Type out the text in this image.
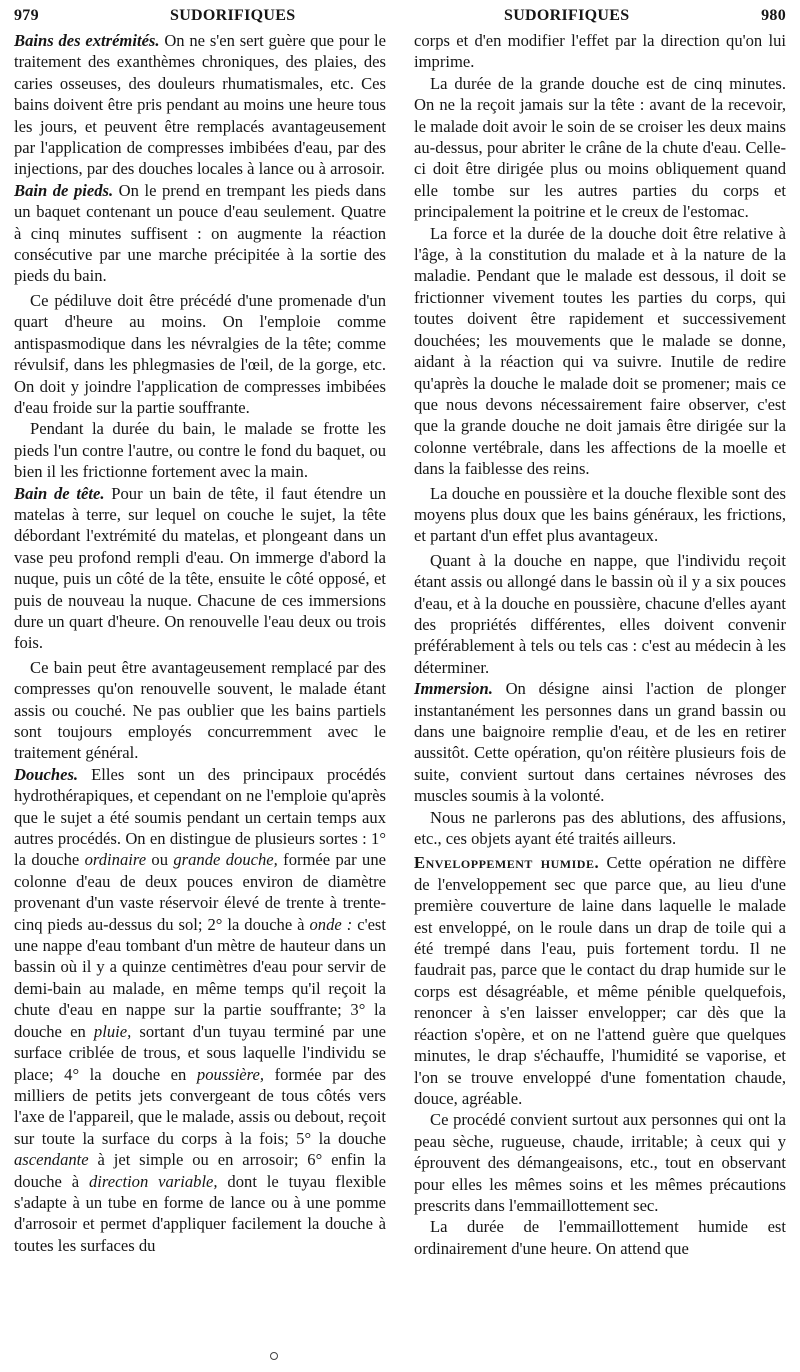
979	SUDORIFIQUES	SUDORIFIQUES	980

Bains des extrémités. On ne s'en sert guère que pour le traitement des exanthèmes chroniques, des plaies, des caries osseuses, des douleurs rhumatismales, etc. Ces bains doivent être pris pendant au moins une heure tous les jours, et peuvent être remplacés avantageusement par l'application de compresses imbibées d'eau, par des injections, par des douches locales à lance ou à arrosoir.

Bain de pieds. On le prend en trempant les pieds dans un baquet contenant un pouce d'eau seulement. Quatre à cinq minutes suffisent : on augmente la réaction consécutive par une marche précipitée à la sortie des pieds du bain.

Ce pédiluve doit être précédé d'une promenade d'un quart d'heure au moins. On l'emploie comme antispasmodique dans les névralgies de la tête; comme révulsif, dans les phlegmasies de l'œil, de la gorge, etc. On doit y joindre l'application de compresses imbibées d'eau froide sur la partie souffrante.

Pendant la durée du bain, le malade se frotte les pieds l'un contre l'autre, ou contre le fond du baquet, ou bien il les frictionne fortement avec la main.

Bain de tête. Pour un bain de tête, il faut étendre un matelas à terre, sur lequel on couche le sujet, la tête débordant l'extrémité du matelas, et plongeant dans un vase peu profond rempli d'eau. On immerge d'abord la nuque, puis un côté de la tête, ensuite le côté opposé, et puis de nouveau la nuque. Chacune de ces immersions dure un quart d'heure. On renouvelle l'eau deux ou trois fois.

Ce bain peut être avantageusement remplacé par des compresses qu'on renouvelle souvent, le malade étant assis ou couché. Ne pas oublier que les bains partiels sont toujours employés concurremment avec le traitement général.

Douches. Elles sont un des principaux procédés hydrothérapiques, et cependant on ne l'emploie qu'après que le sujet a été soumis pendant un certain temps aux autres procédés. On en distingue de plusieurs sortes : 1° la douche ordinaire ou grande douche, formée par une colonne d'eau de deux pouces environ de diamètre provenant d'un vaste réservoir élevé de trente à trente-cinq pieds au-dessus du sol; 2° la douche à onde : c'est une nappe d'eau tombant d'un mètre de hauteur dans un bassin où il y a quinze centimètres d'eau pour servir de demi-bain au malade, en même temps qu'il reçoit la chute d'eau en nappe sur la partie souffrante; 3° la douche en pluie, sortant d'un tuyau terminé par une surface criblée de trous, et sous laquelle l'individu se place; 4° la douche en poussière, formée par des milliers de petits jets convergeant de tous côtés vers l'axe de l'appareil, que le malade, assis ou debout, reçoit sur toute la surface du corps à la fois; 5° la douche ascendante à jet simple ou en arrosoir; 6° enfin la douche à direction variable, dont le tuyau flexible s'adapte à un tube en forme de lance ou à une pomme d'arrosoir et permet d'appliquer facilement la douche à toutes les surfaces du

corps et d'en modifier l'effet par la direction qu'on lui imprime.

La durée de la grande douche est de cinq minutes. On ne la reçoit jamais sur la tête : avant de la recevoir, le malade doit avoir le soin de se croiser les deux mains au-dessus, pour abriter le crâne de la chute d'eau. Celle-ci doit être dirigée plus ou moins obliquement quand elle tombe sur les autres parties du corps et principalement la poitrine et le creux de l'estomac.

La force et la durée de la douche doit être relative à l'âge, à la constitution du malade et à la nature de la maladie. Pendant que le malade est dessous, il doit se frictionner vivement toutes les parties du corps, qui toutes doivent être rapidement et successivement douchées; les mouvements que le malade se donne, aidant à la réaction qui va suivre. Inutile de redire qu'après la douche le malade doit se promener; mais ce que nous devons nécessairement faire observer, c'est que la grande douche ne doit jamais être dirigée sur la colonne vertébrale, dans les affections de la moelle et dans la faiblesse des reins.

La douche en poussière et la douche flexible sont des moyens plus doux que les bains généraux, les frictions, et partant d'un effet plus avantageux.

Quant à la douche en nappe, que l'individu reçoit étant assis ou allongé dans le bassin où il y a six pouces d'eau, et à la douche en poussière, chacune d'elles ayant des propriétés différentes, elles doivent convenir préférablement à tels ou tels cas : c'est au médecin à les déterminer.

Immersion. On désigne ainsi l'action de plonger instantanément les personnes dans un grand bassin ou dans une baignoire remplie d'eau, et de les en retirer aussitôt. Cette opération, qu'on réitère plusieurs fois de suite, convient surtout dans certaines névroses des muscles soumis à la volonté.

Nous ne parlerons pas des ablutions, des affusions, etc., ces objets ayant été traités ailleurs.

Enveloppement humide. Cette opération ne diffère de l'enveloppement sec que parce que, au lieu d'une première couverture de laine dans laquelle le malade est enveloppé, on le roule dans un drap de toile qui a été trempé dans l'eau, puis fortement tordu. Il ne faudrait pas, parce que le contact du drap humide sur le corps est désagréable, et même pénible quelquefois, renoncer à s'en laisser envelopper; car dès que la réaction s'opère, et on ne l'attend guère que quelques minutes, le drap s'échauffe, l'humidité se vaporise, et l'on se trouve enveloppé d'une fomentation chaude, douce, agréable.

Ce procédé convient surtout aux personnes qui ont la peau sèche, rugueuse, chaude, irritable; à ceux qui y éprouvent des démangeaisons, etc., tout en observant pour elles les mêmes soins et les mêmes précautions prescrits dans l'emmaillottement sec.

La durée de l'emmaillottement humide est ordinairement d'une heure. On attend que
